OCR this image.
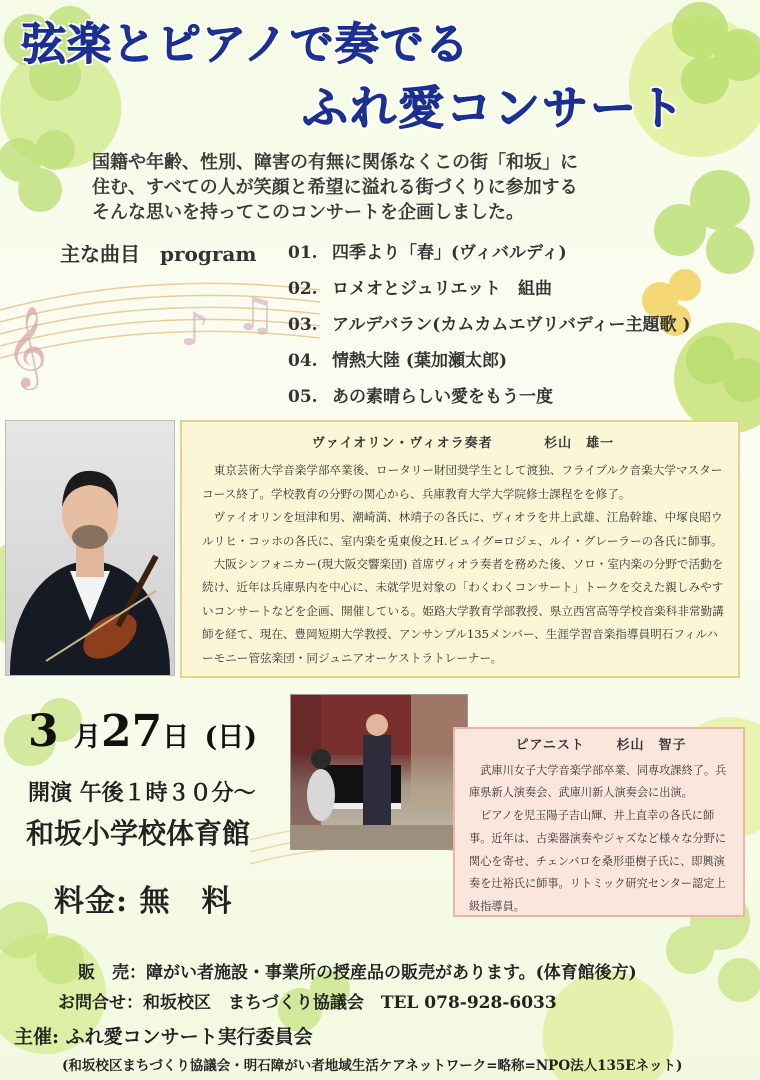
𝄞	♪ ♫
弦楽とピアノで奏でる
ふれ愛コンサート
国籍や年齢、性別、障害の有無に関係なくこの街「和坂」に
住む、すべての人が笑顔と希望に溢れる街づくりに参加する
そんな思いを持ってこのコンサートを企画しました。
主な曲目　program 01. 四季より「春」(ヴィバルディ)
02. ロメオとジュリエット　組曲
03. アルデバラン(カムカムエヴリバディー主題歌 )
04. 情熱大陸 (葉加瀬太郎)
05. あの素晴らしい愛をもう一度
ヴァイオリン・ヴィオラ奏者	杉山　雄一

東京芸術大学音楽学部卒業後、ロータリー財団奨学生として渡独、フライブルク音楽大学マスターコース終了。学校教育の分野の関心から、兵庫教育大学大学院修士課程をを修了。

ヴァイオリンを垣津和男、潮崎満、林靖子の各氏に、ヴィオラを井上武雄、江島幹雄、中塚良昭ウルリヒ・コッホの各氏に、室内楽を兎東俊之H.ビュイグ=ロジェ、ルイ・グレーラーの各氏に師事。

大阪シンフォニカー(現大阪交響楽団) 首席ヴィオラ奏者を務めた後、ソロ・室内楽の分野で活動を続け、近年は兵庫県内を中心に、未就学児対象の「わくわくコンサート」トークを交えた親しみやすいコンサートなどを企画、開催している。姫路大学教育学部教授、県立西宮高等学校音楽科非常勤講師を経て、現在、豊岡短期大学教授、アンサンブル135メンバー、生涯学習音楽指導員明石フィルハーモニー管弦楽団・同ジュニアオーケストラトレーナー。

3 月27日 (日)
開演 午後１時３０分～
和坂小学校体育館
料金: 無　料
ピアニスト 杉山　智子

武庫川女子大学音楽学部卒業、同専攻課終了。兵庫県新人演奏会、武庫川新人演奏会に出演。

ピアノを児玉陽子吉山輝、井上直幸の各氏に師事。近年は、古楽器演奏やジャズなど様々な分野に関心を寄せ、チェンバロを桑形亜樹子氏に、即興演奏を辻裕氏に師事。リトミック研究センター認定上級指導員。

販　売：障がい者施設・事業所の授産品の販売があります。(体育館後方)
お問合せ：和坂校区　まちづくり協議会　TEL 078-928-6033
主催: ふれ愛コンサート実行委員会
(和坂校区まちづくり協議会・明石障がい者地域生活ケアネットワーク=略称=NPO法人135Eネット)
